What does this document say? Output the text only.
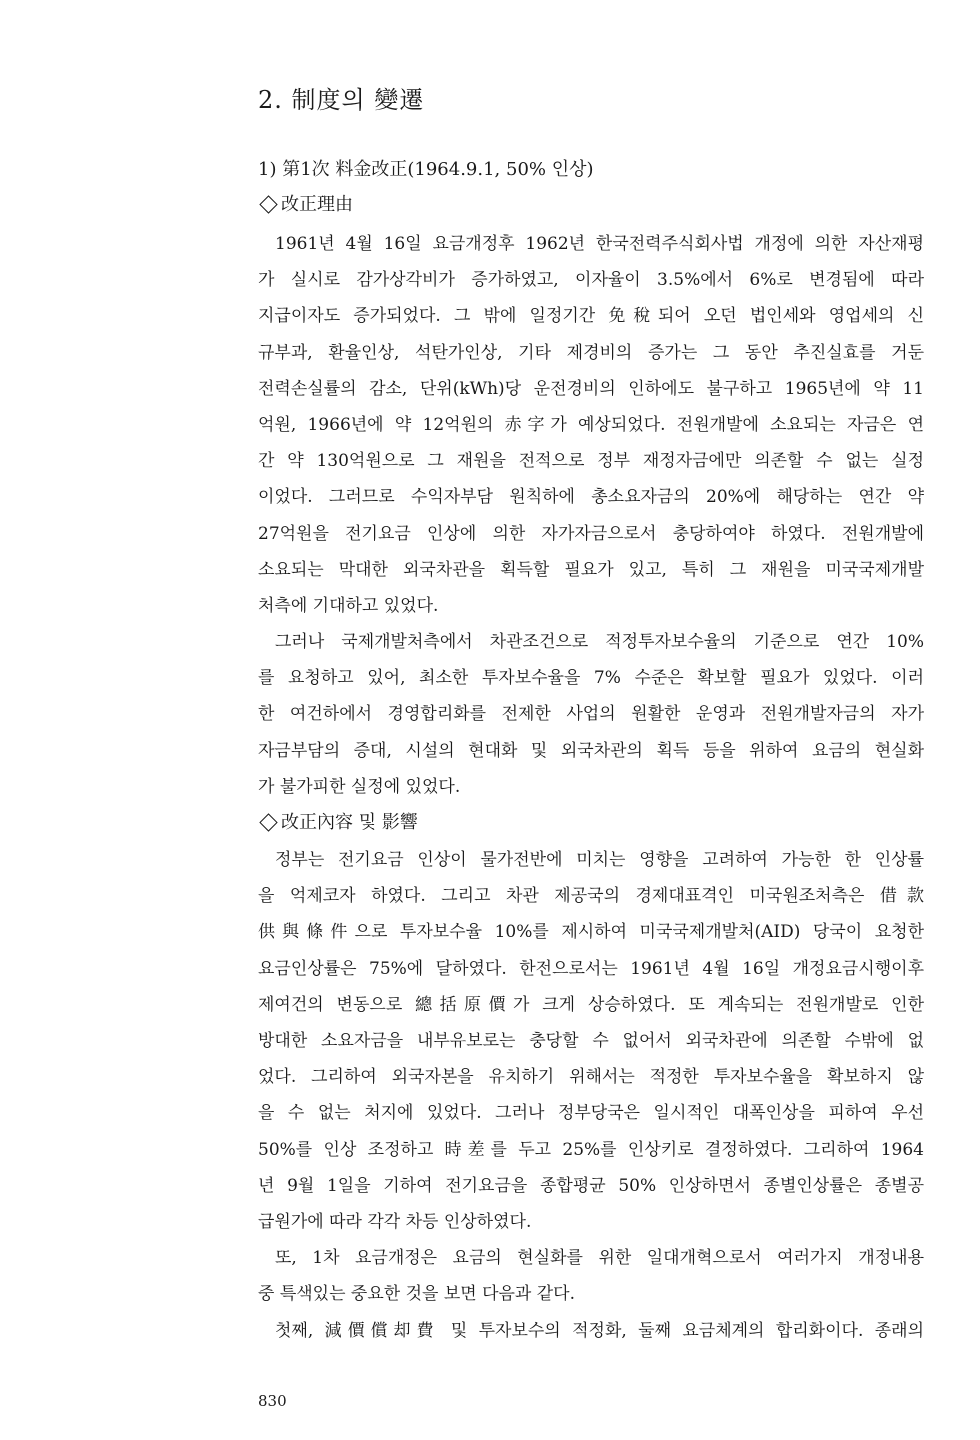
2. 制度의 變遷
1) 第1次 料金改正(1964.9.1, 50% 인상)
改正理由
1961년 4월 16일 요금개정후 1962년 한국전력주식회사법 개정에 의한 자산재평
가 실시로 감가상각비가 증가하였고, 이자율이 3.5%에서 6%로 변경됨에 따라
지급이자도 증가되었다. 그 밖에 일정기간 免稅되어 오던 법인세와 영업세의 신
규부과, 환율인상, 석탄가인상, 기타 제경비의 증가는 그 동안 추진실효를 거둔
전력손실률의 감소, 단위(kWh)당 운전경비의 인하에도 불구하고 1965년에 약 11
억원, 1966년에 약 12억원의 赤字가 예상되었다. 전원개발에 소요되는 자금은 연
간 약 130억원으로 그 재원을 전적으로 정부 재정자금에만 의존할 수 없는 실정
이었다. 그러므로 수익자부담 원칙하에 총소요자금의 20%에 해당하는 연간 약
27억원을 전기요금 인상에 의한 자가자금으로서 충당하여야 하였다. 전원개발에
소요되는 막대한 외국차관을 획득할 필요가 있고, 특히 그 재원을 미국국제개발
처측에 기대하고 있었다.
그러나 국제개발처측에서 차관조건으로 적정투자보수율의 기준으로 연간 10%
를 요청하고 있어, 최소한 투자보수율을 7% 수준은 확보할 필요가 있었다. 이러
한 여건하에서 경영합리화를 전제한 사업의 원활한 운영과 전원개발자금의 자가
자금부담의 증대, 시설의 현대화 및 외국차관의 획득 등을 위하여 요금의 현실화
가 불가피한 실정에 있었다.
改正內容 및 影響
정부는 전기요금 인상이 물가전반에 미치는 영향을 고려하여 가능한 한 인상률
을 억제코자 하였다. 그리고 차관 제공국의 경제대표격인 미국원조처측은 借款
供與條件으로 투자보수율 10%를 제시하여 미국국제개발처(AID) 당국이 요청한
요금인상률은 75%에 달하였다. 한전으로서는 1961년 4월 16일 개정요금시행이후
제여건의 변동으로 總括原價가 크게 상승하였다. 또 계속되는 전원개발로 인한
방대한 소요자금을 내부유보로는 충당할 수 없어서 외국차관에 의존할 수밖에 없
었다. 그리하여 외국자본을 유치하기 위해서는 적정한 투자보수율을 확보하지 않
을 수 없는 처지에 있었다. 그러나 정부당국은 일시적인 대폭인상을 피하여 우선
50%를 인상 조정하고 時差를 두고 25%를 인상키로 결정하였다. 그리하여 1964
년 9월 1일을 기하여 전기요금을 종합평균 50% 인상하면서 종별인상률은 종별공
급원가에 따라 각각 차등 인상하였다.
또, 1차 요금개정은 요금의 현실화를 위한 일대개혁으로서 여러가지 개정내용
중 특색있는 중요한 것을 보면 다음과 같다.
첫째, 減價償却費 및 투자보수의 적정화, 둘째 요금체계의 합리화이다. 종래의

830
